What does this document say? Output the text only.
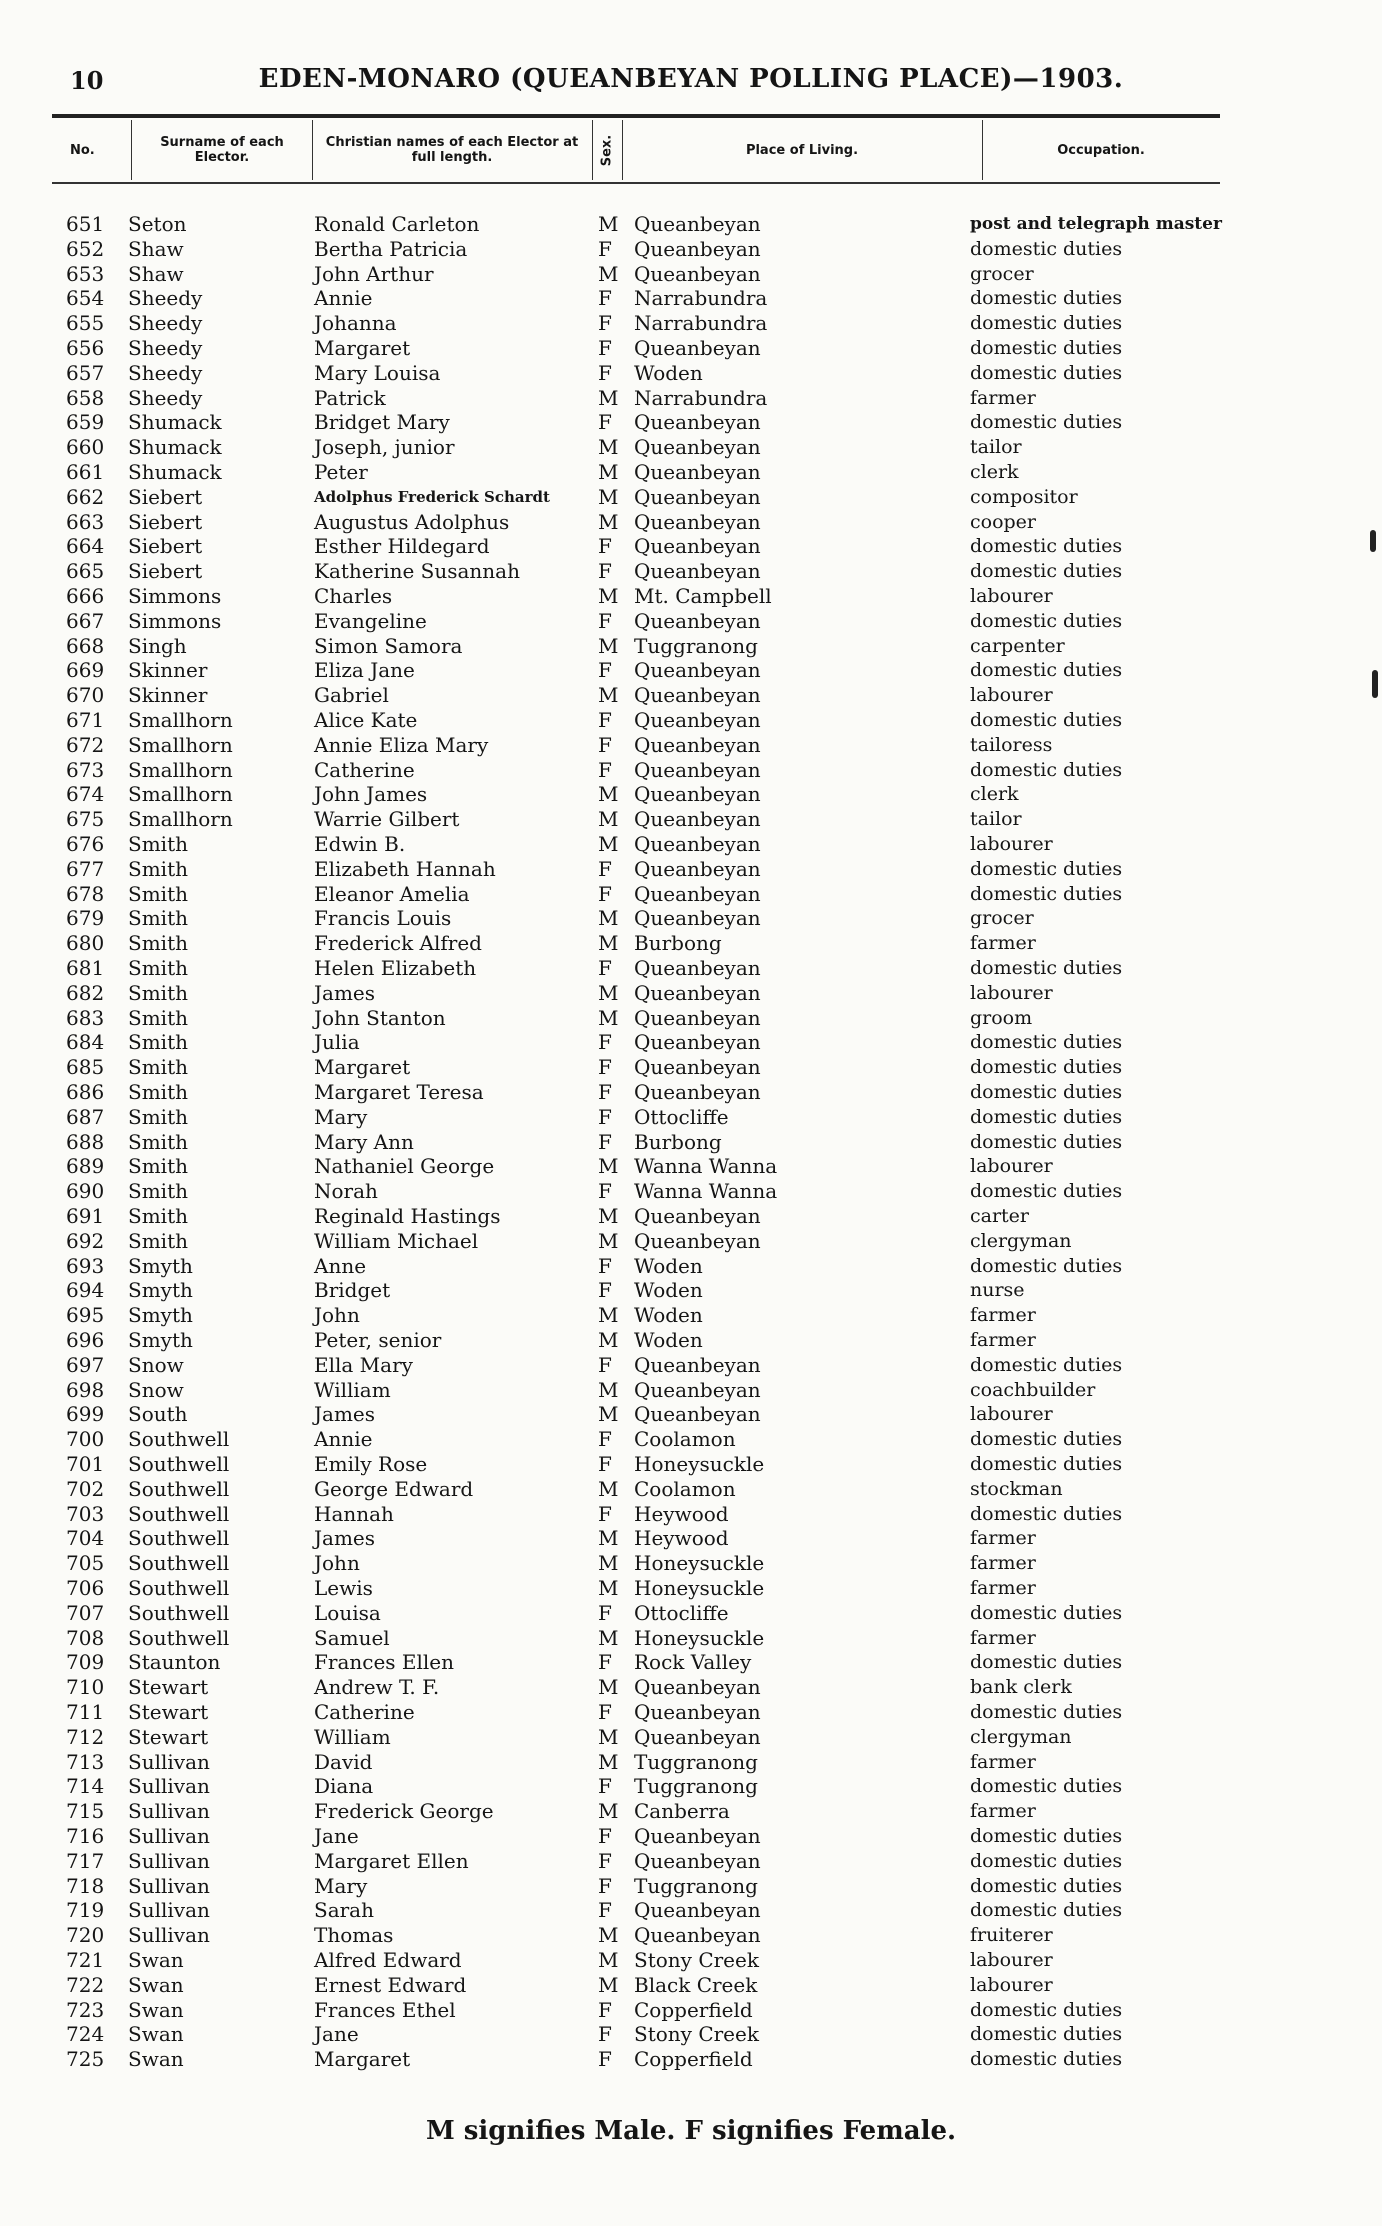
10	EDEN-MONARO (QUEANBEYAN POLLING PLACE)—1903.
No.	Surname of each Elector.
Christian names of each Elector at full length.	Sex.	Place of Living.	Occupation.
651 Seton	Ronald Carleton	M Queanbeyan	post and telegraph master
652 Shaw	Bertha Patricia	F Queanbeyan	domestic duties
653 Shaw	John Arthur	M Queanbeyan	grocer
654 Sheedy	Annie	F Narrabundra	domestic duties
655 Sheedy	Johanna	F Narrabundra	domestic duties
656 Sheedy	Margaret	F Queanbeyan	domestic duties
657 Sheedy	Mary Louisa	F Woden	domestic duties
658 Sheedy	Patrick	M Narrabundra	farmer
659 Shumack	Bridget Mary	F Queanbeyan	domestic duties
660 Shumack	Joseph, junior	M Queanbeyan	tailor
661 Shumack	Peter	M Queanbeyan	clerk
662 Siebert	Adolphus Frederick Schardt M Queanbeyan	compositor
663 Siebert	Augustus Adolphus	M Queanbeyan	cooper
664 Siebert	Esther Hildegard	F Queanbeyan	domestic duties
665 Siebert	Katherine Susannah	F Queanbeyan	domestic duties
666 Simmons	Charles	M Mt. Campbell	labourer
667 Simmons	Evangeline	F Queanbeyan	domestic duties
668 Singh	Simon Samora	M Tuggranong	carpenter
669 Skinner	Eliza Jane	F Queanbeyan	domestic duties
670 Skinner	Gabriel	M Queanbeyan	labourer
671 Smallhorn	Alice Kate	F Queanbeyan	domestic duties
672 Smallhorn	Annie Eliza Mary	F Queanbeyan	tailoress
673 Smallhorn	Catherine	F Queanbeyan	domestic duties
674 Smallhorn	John James	M Queanbeyan	clerk
675 Smallhorn	Warrie Gilbert	M Queanbeyan	tailor
676 Smith	Edwin B.	M Queanbeyan	labourer
677 Smith	Elizabeth Hannah	F Queanbeyan	domestic duties
678 Smith	Eleanor Amelia	F Queanbeyan	domestic duties
679 Smith	Francis Louis	M Queanbeyan	grocer
680 Smith	Frederick Alfred	M Burbong	farmer
681 Smith	Helen Elizabeth	F Queanbeyan	domestic duties
682 Smith	James	M Queanbeyan	labourer
683 Smith	John Stanton	M Queanbeyan	groom
684 Smith	Julia	F Queanbeyan	domestic duties
685 Smith	Margaret	F Queanbeyan	domestic duties
686 Smith	Margaret Teresa	F Queanbeyan	domestic duties
687 Smith	Mary	F Ottocliffe	domestic duties
688 Smith	Mary Ann	F Burbong	domestic duties
689 Smith	Nathaniel George	M Wanna Wanna	labourer
690 Smith	Norah	F Wanna Wanna	domestic duties
691 Smith	Reginald Hastings	M Queanbeyan	carter
692 Smith	William Michael	M Queanbeyan	clergyman
693 Smyth	Anne	F Woden	domestic duties
694 Smyth	Bridget	F Woden	nurse
695 Smyth	John	M Woden	farmer
696 Smyth	Peter, senior	M Woden	farmer
697 Snow	Ella Mary	F Queanbeyan	domestic duties
698 Snow	William	M Queanbeyan	coachbuilder
699 South	James	M Queanbeyan	labourer
700 Southwell	Annie	F Coolamon	domestic duties
701 Southwell	Emily Rose	F Honeysuckle	domestic duties
702 Southwell	George Edward	M Coolamon	stockman
703 Southwell	Hannah	F Heywood	domestic duties
704 Southwell	James	M Heywood	farmer
705 Southwell	John	M Honeysuckle	farmer
706 Southwell	Lewis	M Honeysuckle	farmer
707 Southwell	Louisa	F Ottocliffe	domestic duties
708 Southwell	Samuel	M Honeysuckle	farmer
709 Staunton	Frances Ellen	F Rock Valley	domestic duties
710 Stewart	Andrew T. F.	M Queanbeyan	bank clerk
711 Stewart	Catherine	F Queanbeyan	domestic duties
712 Stewart	William	M Queanbeyan	clergyman
713 Sullivan	David	M Tuggranong	farmer
714 Sullivan	Diana	F Tuggranong	domestic duties
715 Sullivan	Frederick George	M Canberra	farmer
716 Sullivan	Jane	F Queanbeyan	domestic duties
717 Sullivan	Margaret Ellen	F Queanbeyan	domestic duties
718 Sullivan	Mary	F Tuggranong	domestic duties
719 Sullivan	Sarah	F Queanbeyan	domestic duties
720 Sullivan	Thomas	M Queanbeyan	fruiterer
721 Swan	Alfred Edward	M Stony Creek	labourer
722 Swan	Ernest Edward	M Black Creek	labourer
723 Swan	Frances Ethel	F Copperfield	domestic duties
724 Swan	Jane	F Stony Creek	domestic duties
725 Swan	Margaret	F Copperfield	domestic duties
M signifies Male. F signifies Female.
